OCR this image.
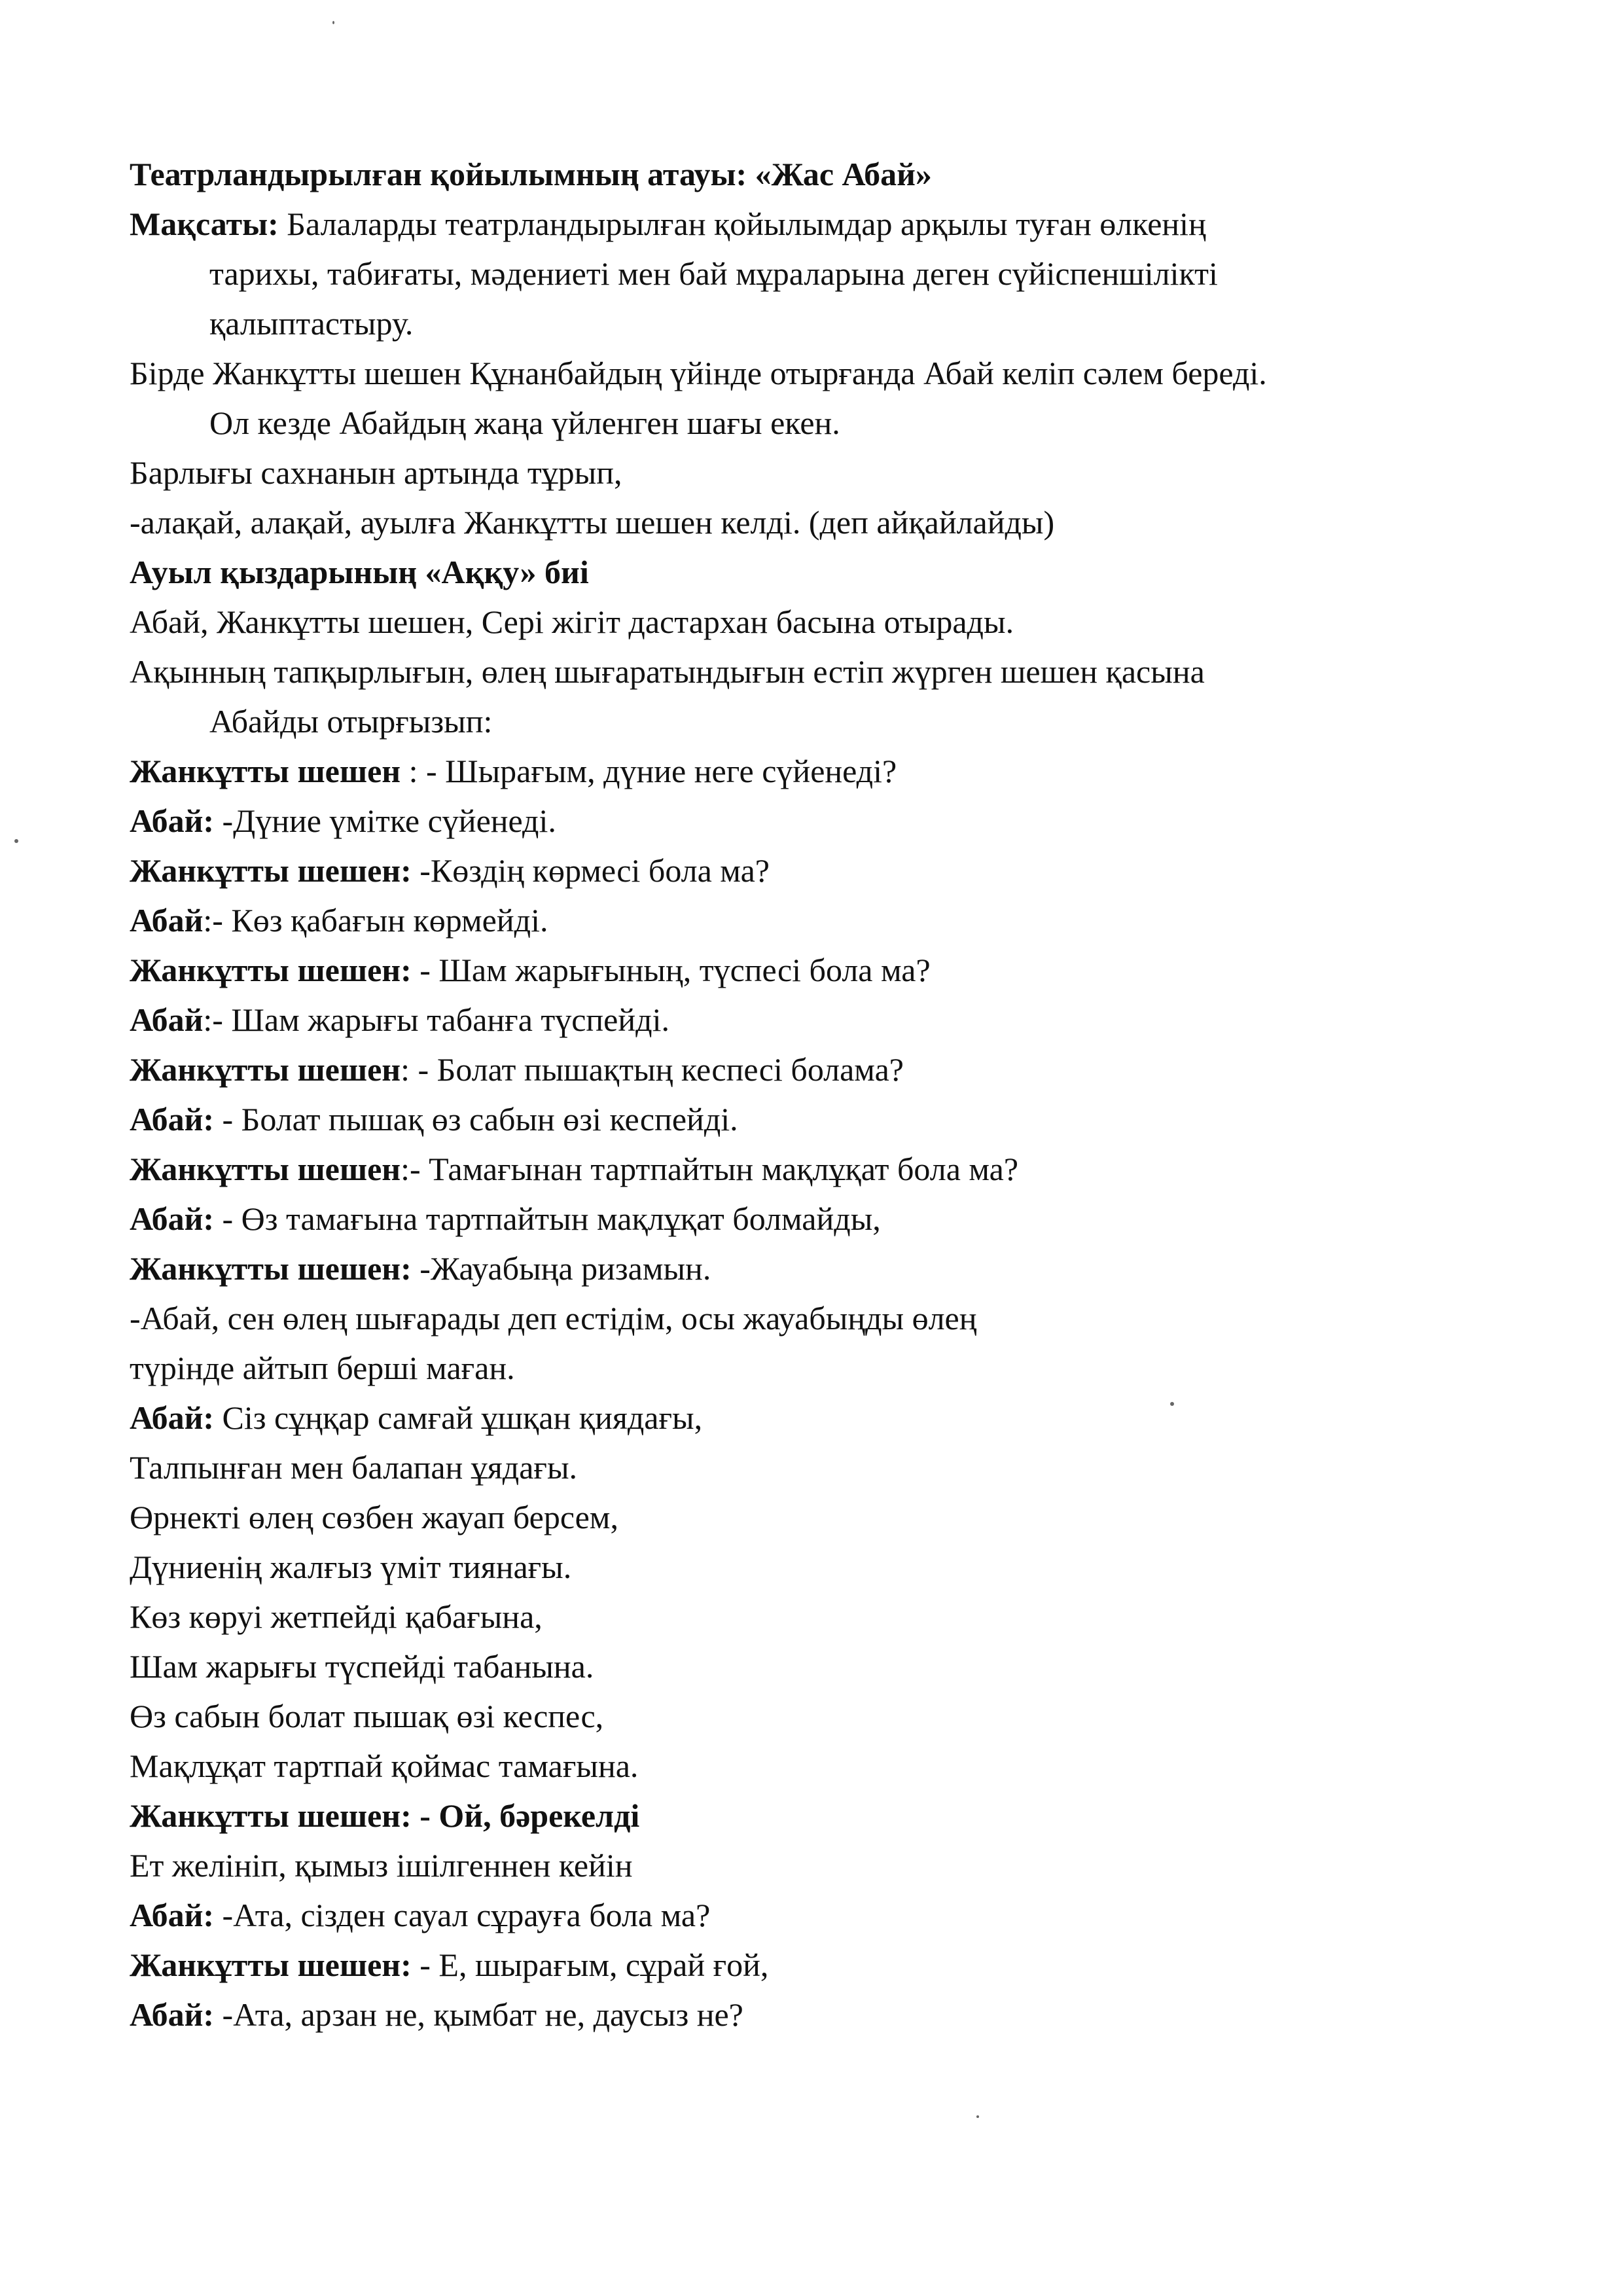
Театрландырылған қойылымның атауы: «Жас Абай»
Мақсаты: Балаларды театрландырылған қойылымдар арқылы туған өлкенің
тарихы, табиғаты, мәдениеті мен бай мұраларына деген сүйіспеншілікті
қалыптастыру.
Бірде Жанкұтты шешен Құнанбайдың үйінде отырғанда Абай келіп сәлем береді.
Ол кезде Абайдың жаңа үйленген шағы екен.
Барлығы сахнанын артында тұрып,
-алақай, алақай, ауылға Жанкұтты шешен келді. (деп айқайлайды)
Ауыл қыздарының «Аққу» биі
Абай, Жанкұтты шешен, Сері жігіт дастархан басына отырады.
Ақынның тапқырлығын, өлең шығаратындығын естіп жүрген шешен қасына
Абайды отырғызып:
Жанкұтты шешен : - Шырағым, дүние неге сүйенеді?
Абай: -Дүние үмітке сүйенеді.
Жанкұтты шешен: -Көздің көрмесі бола ма?
Абай:- Көз қабағын көрмейді.
Жанкұтты шешен: - Шам жарығының, түспесі бола ма?
Абай:- Шам жарығы табанға түспейді.
Жанкұтты шешен: - Болат пышақтың кеспесі болама?
Абай: - Болат пышақ өз сабын өзі кеспейді.
Жанкұтты шешен:- Тамағынан тартпайтын мақлұқат бола ма?
Абай: - Өз тамағына тартпайтын мақлұқат болмайды,
Жанкұтты шешен: -Жауабыңа ризамын.
-Абай, сен өлең шығарады деп естідім, осы жауабыңды өлең
түрінде айтып берші маған.
Абай: Сіз сұңқар самғай ұшқан қиядағы,
Талпынған мен балапан ұядағы.
Өрнекті өлең сөзбен жауап берсем,
Дүниенің жалғыз үміт тиянағы.
Көз көруі жетпейді қабағына,
Шам жарығы түспейді табанына.
Өз сабын болат пышақ өзі кеспес,
Мақлұқат тартпай қоймас тамағына.
Жанкұтты шешен: - Ой, бәрекелді
Ет желініп, қымыз ішілгеннен кейін
Абай: -Ата, сізден сауал сұрауға бола ма?
Жанкұтты шешен: - Е, шырағым, сұрай ғой,
Абай: -Ата, арзан не, қымбат не, даусыз не?
